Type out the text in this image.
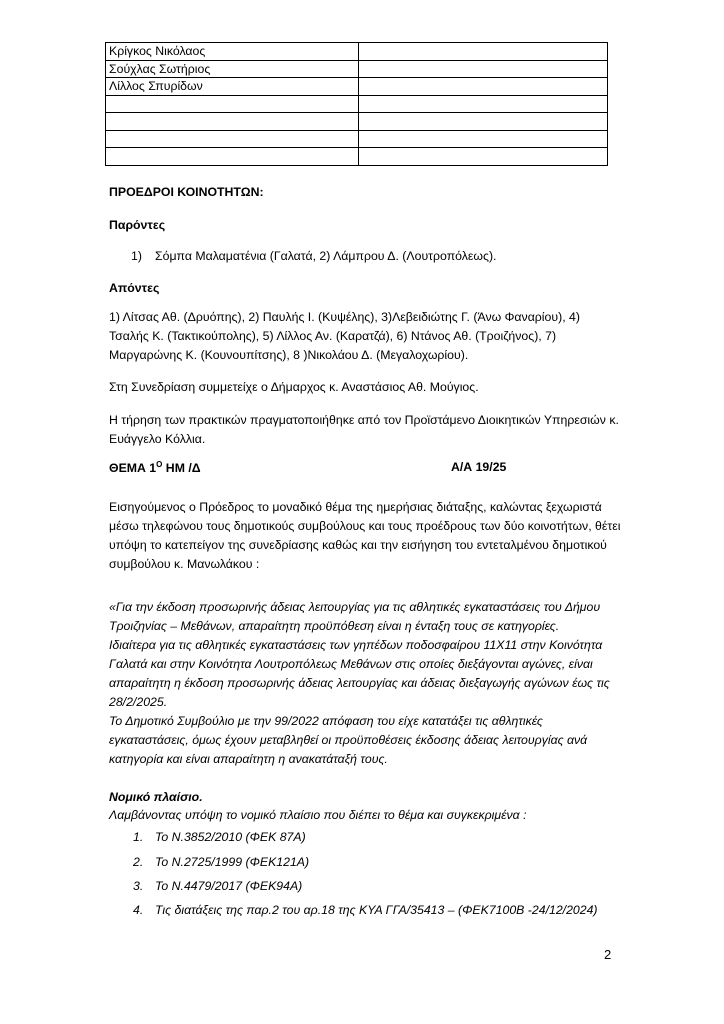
Κρίγκος Νικόλαος	
Σούχλας Σωτήριος	
Λίλλος Σπυρίδων	

ΠΡΟΕΔΡΟΙ ΚΟΙΝΟΤΗΤΩΝ:
Παρόντες
1) Σόμπα Μαλαματένια (Γαλατά, 2) Λάμπρου Δ. (Λουτροπόλεως).
Απόντες
1) Λίτσας Αθ. (Δρυόπης), 2) Παυλής Ι. (Κυψέλης), 3)Λεβειδιώτης Γ. (Άνω Φαναρίου), 4)
Τσαλής Κ. (Τακτικούπολης), 5) Λίλλος Αν. (Καρατζά), 6) Ντάνος Αθ. (Τροιζήνος), 7)
Μαργαρώνης Κ. (Κουνουπίτσης), 8 )Νικολάου Δ. (Μεγαλοχωρίου).
Στη Συνεδρίαση συμμετείχε ο Δήμαρχος κ. Αναστάσιος Αθ. Μούγιος.
Η τήρηση των πρακτικών πραγματοποιήθηκε από τον Προϊστάμενο Διοικητικών Υπηρεσιών κ.
Ευάγγελο Κόλλια.
ΘΕΜΑ $1^O$ ΗΜ /Δ	Α/Α 19/25
Εισηγούμενος ο Πρόεδρος το μοναδικό θέμα της ημερήσιας διάταξης, καλώντας ξεχωριστά
μέσω τηλεφώνου τους δημοτικούς συμβούλους και τους προέδρους των δύο κοινοτήτων, θέτει
υπόψη το κατεπείγον της συνεδρίασης καθώς και την εισήγηση του εντεταλμένου δημοτικού
συμβούλου κ. Μανωλάκου :
«Για την έκδοση προσωρινής άδειας λειτουργίας για τις αθλητικές εγκαταστάσεις του Δήμου
Τροιζηνίας – Μεθάνων, απαραίτητη προϋπόθεση είναι η ένταξη τους σε κατηγορίες.
Ιδιαίτερα για τις αθλητικές εγκαταστάσεις των γηπέδων ποδοσφαίρου 11Χ11 στην Κοινότητα
Γαλατά και στην Κοινότητα Λουτροπόλεως Μεθάνων στις οποίες διεξάγονται αγώνες, είναι
απαραίτητη η έκδοση προσωρινής άδειας λειτουργίας και άδειας διεξαγωγής αγώνων έως τις
28/2/2025.
Το Δημοτικό Συμβούλιο με την 99/2022 απόφαση του είχε κατατάξει τις αθλητικές
εγκαταστάσεις, όμως έχουν μεταβληθεί οι προϋποθέσεις έκδοσης άδειας λειτουργίας ανά
κατηγορία και είναι απαραίτητη η ανακατάταξή τους.
Νομικό πλαίσιο.
Λαμβάνοντας υπόψη το νομικό πλαίσιο που διέπει το θέμα και συγκεκριμένα :
1. Το Ν.3852/2010 (ΦΕΚ 87Α)
2. Το Ν.2725/1999 (ΦΕΚ121Α)
3. Το Ν.4479/2017 (ΦΕΚ94Α)
4. Τις διατάξεις της παρ.2 του αρ.18 της ΚΥΑ ΓΓΑ/35413 – (ΦΕΚ7100Β -24/12/2024)
2
